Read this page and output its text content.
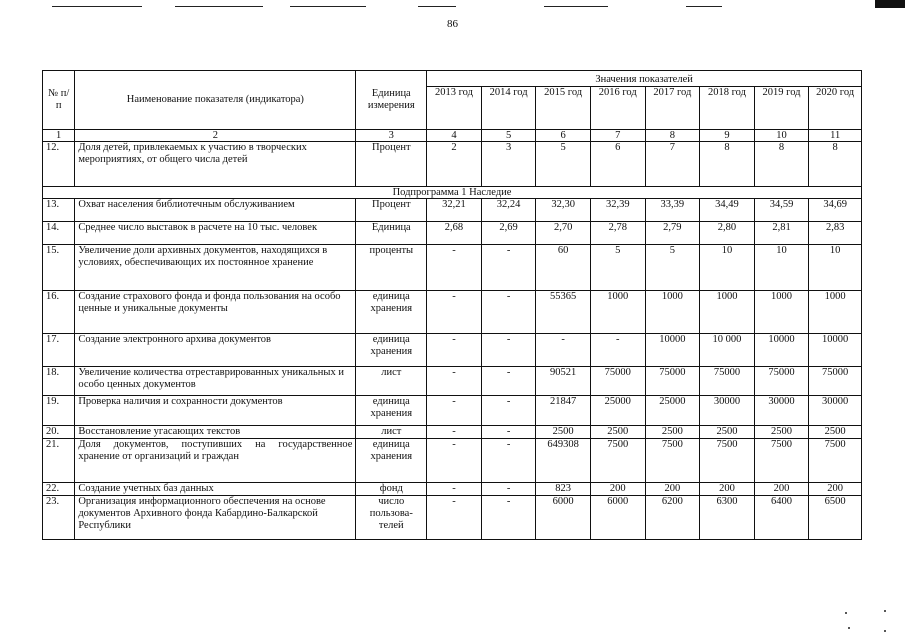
86
№ п/п	Наименование показателя (индикатора)	Единица измерения	Значения показателей							
			2013 год	2014 год	2015 год	2016 год	2017 год	2018 год	2019 год	2020 год
1	2	3	4	5	6	7	8	9	10	11
12.	Доля детей, привлекаемых к участию в творческих мероприятиях, от общего числа детей	Процент	2	3	5	6	7	8	8	8
Подпрограмма 1 Наследие										
13.	Охват населения библиотечным обслуживанием	Процент	32,21	32,24	32,30	32,39	33,39	34,49	34,59	34,69
14.	Среднее число выставок в расчете на 10 тыс. человек	Единица	2,68	2,69	2,70	2,78	2,79	2,80	2,81	2,83
15.	Увеличение доли архивных документов, находящихся в условиях, обеспечивающих их постоянное хранение	проценты	-	-	60	5	5	10	10	10
16.	Создание страхового фонда и фонда пользования на особо ценные и уникальные документы	единица хранения	-	-	55365	1000	1000	1000	1000	1000
17.	Создание электронного архива документов	единица хранения	-	-	-	-	10000	10 000	10000	10000
18.	Увеличение количества отреставрированных уникальных и особо ценных документов	лист	-	-	90521	75000	75000	75000	75000	75000
19.	Проверка наличия и сохранности документов	единица хранения	-	-	21847	25000	25000	30000	30000	30000
20.	Восстановление угасающих текстов	лист	-	-	2500	2500	2500	2500	2500	2500
21.	Доля документов, поступивших на государственное хранение от организаций и граждан	единица хранения	-	-	649308	7500	7500	7500	7500	7500
22.	Создание учетных баз данных	фонд	-	-	823	200	200	200	200	200
23.	Организация информационного обеспечения на основе документов Архивного фонда Кабардино-Балкарской Республики	число пользова-телей	-	-	6000	6000	6200	6300	6400	6500
